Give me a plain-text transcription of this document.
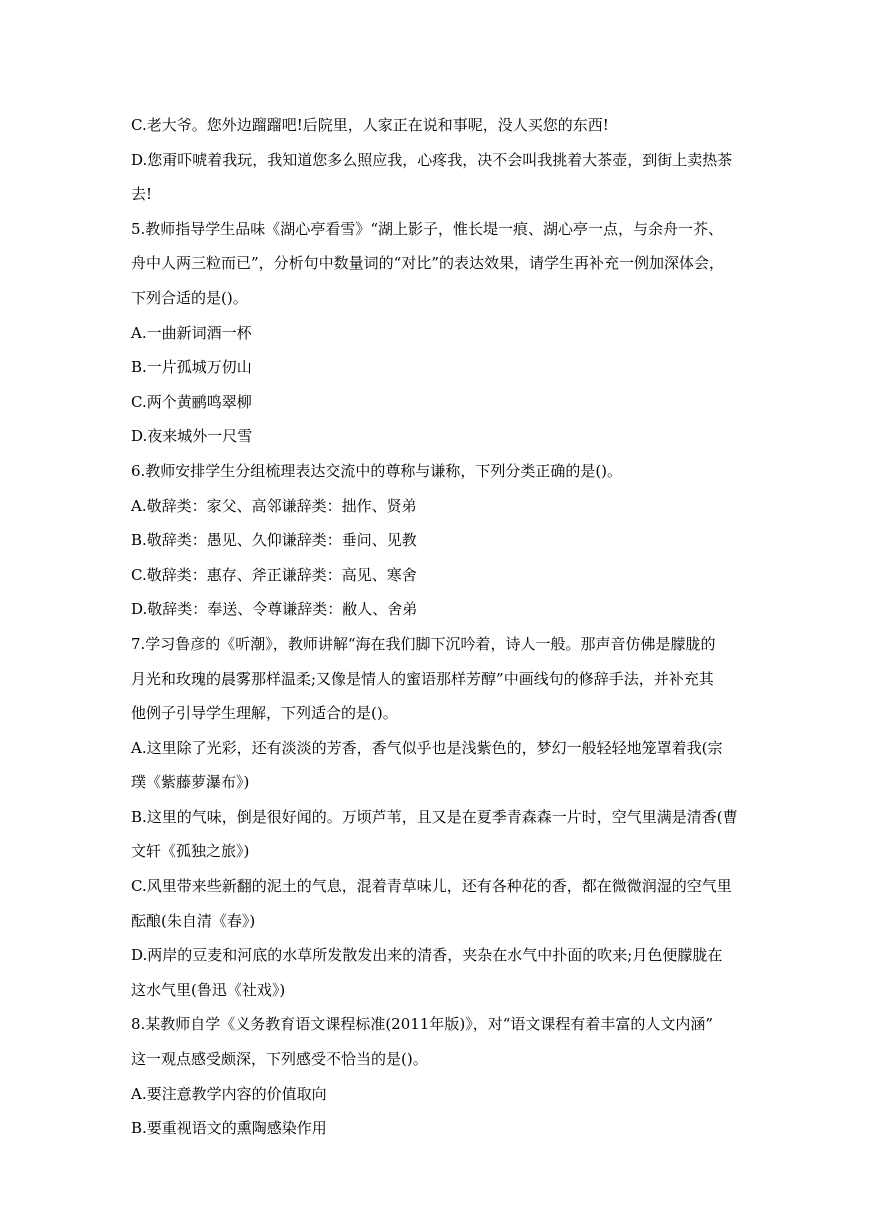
C.老大爷。您外边蹓蹓吧!后院里，人家正在说和事呢，没人买您的东西!
D.您甭吓唬着我玩，我知道您多么照应我，心疼我，决不会叫我挑着大茶壶，到街上卖热茶
去!
5.教师指导学生品味《湖心亭看雪》“湖上影子，惟长堤一痕、湖心亭一点，与余舟一芥、
舟中人两三粒而已”，分析句中数量词的“对比”的表达效果，请学生再补充一例加深体会，
下列合适的是()。
A.一曲新词酒一杯
B.一片孤城万仞山
C.两个黄鹂鸣翠柳
D.夜来城外一尺雪
6.教师安排学生分组梳理表达交流中的尊称与谦称，下列分类正确的是()。
A.敬辞类：家父、高邻谦辞类：拙作、贤弟
B.敬辞类：愚见、久仰谦辞类：垂问、见教
C.敬辞类：惠存、斧正谦辞类：高见、寒舍
D.敬辞类：奉送、令尊谦辞类：敝人、舍弟
7.学习鲁彦的《听潮》，教师讲解“海在我们脚下沉吟着，诗人一般。那声音仿佛是朦胧的
月光和玫瑰的晨雾那样温柔;又像是情人的蜜语那样芳醇”中画线句的修辞手法，并补充其
他例子引导学生理解，下列适合的是()。
A.这里除了光彩，还有淡淡的芳香，香气似乎也是浅紫色的，梦幻一般轻轻地笼罩着我(宗
璞《紫藤萝瀑布》)
B.这里的气味，倒是很好闻的。万顷芦苇，且又是在夏季青森森一片时，空气里满是清香(曹
文轩《孤独之旅》)
C.风里带来些新翻的泥土的气息，混着青草味儿，还有各种花的香，都在微微润湿的空气里
酝酿(朱自清《春》)
D.两岸的豆麦和河底的水草所发散发出来的清香，夹杂在水气中扑面的吹来;月色便朦胧在
这水气里(鲁迅《社戏》)
8.某教师自学《义务教育语文课程标准(2011年版)》，对“语文课程有着丰富的人文内涵”
这一观点感受颇深，下列感受不恰当的是()。
A.要注意教学内容的价值取向
B.要重视语文的熏陶感染作用
